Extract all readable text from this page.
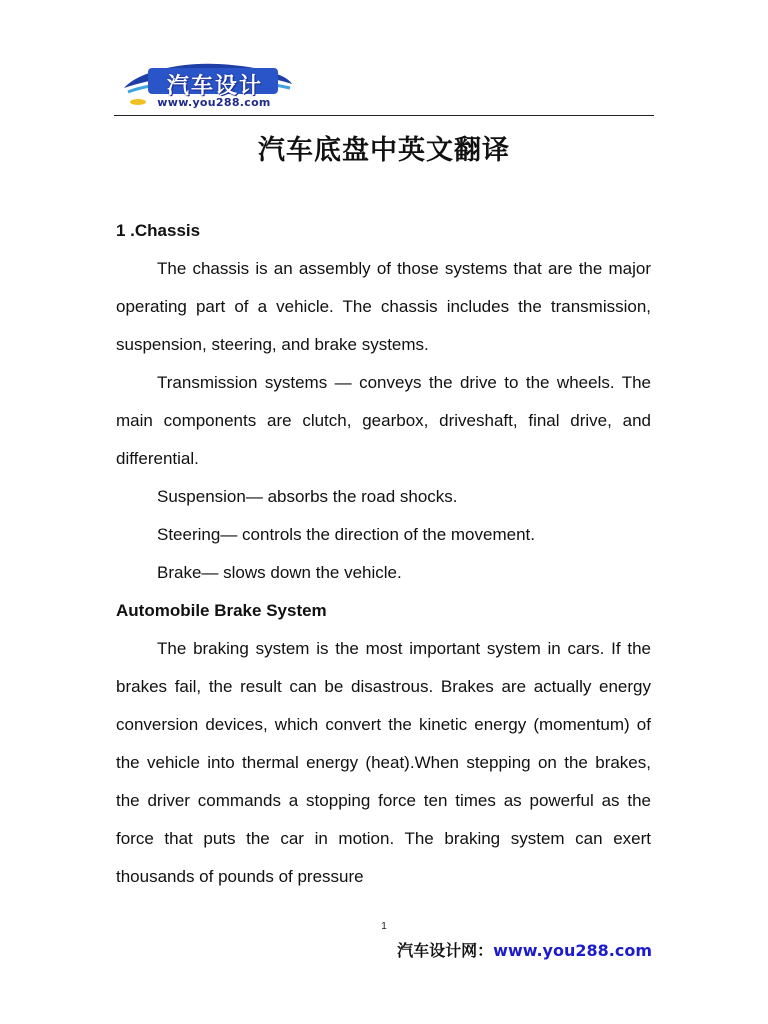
汽车设计
www.you288.com
汽车底盘中英文翻译

1 .Chassis

The chassis is an assembly of those systems that are the major operating part of a vehicle. The chassis includes the transmission, suspension, steering, and brake systems.

Transmission systems — conveys the drive to the wheels. The main components are clutch, gearbox, driveshaft, final drive, and differential.

Suspension— absorbs the road shocks.

Steering— controls the direction of the movement.

Brake— slows down the vehicle.

Automobile Brake System

The braking system is the most important system in cars. If the brakes fail, the result can be disastrous. Brakes are actually energy conversion devices, which convert the kinetic energy (momentum) of the vehicle into thermal energy (heat).When stepping on the brakes, the driver commands a stopping force ten times as powerful as the force that puts the car in motion. The braking system can exert thousands of pounds of pressure

1
汽车设计网：www.you288.com
